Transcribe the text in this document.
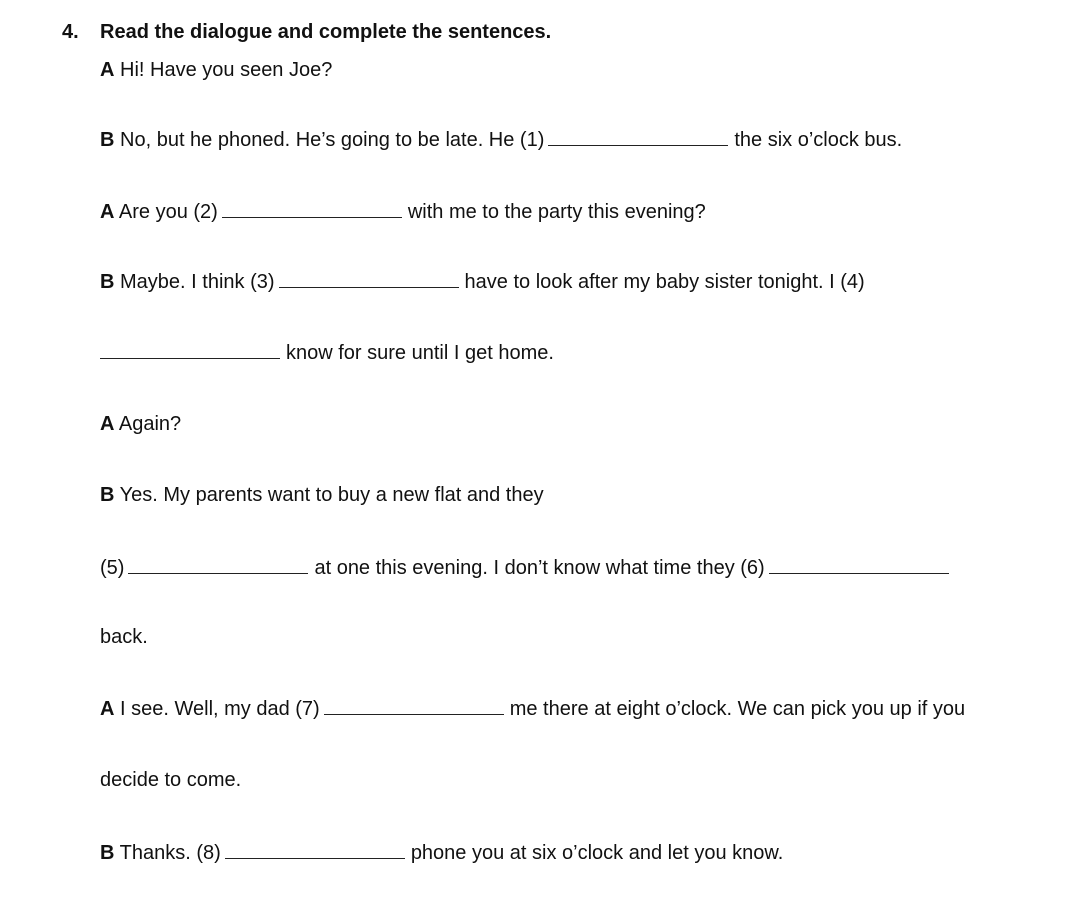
4. Read the dialogue and complete the sentences.
A Hi! Have you seen Joe?
B No, but he phoned. He’s going to be late. He (1)	the six o’clock bus.
A Are you (2)	with me to the party this evening?
B Maybe. I think (3)	have to look after my baby sister tonight. I (4)
know for sure until I get home.
A Again?
B Yes. My parents want to buy a new flat and they
(5)	at one this evening. I don’t know what time they (6)
back.
A I see. Well, my dad (7)	me there at eight o’clock. We can pick you up if you
decide to come.
B Thanks. (8)	phone you at six o’clock and let you know.
